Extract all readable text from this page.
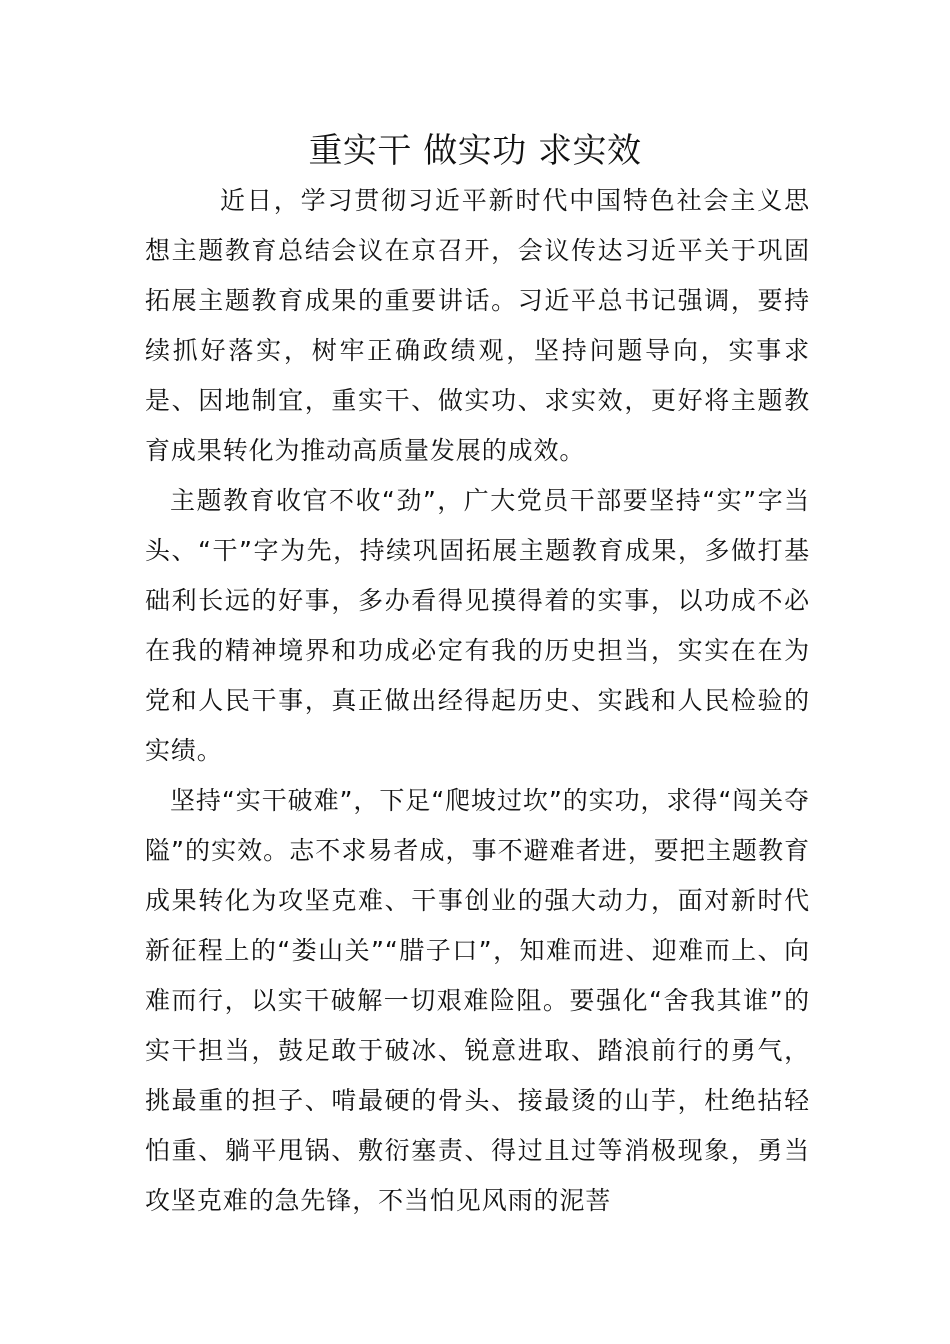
重实干 做实功 求实效

近日，学习贯彻习近平新时代中国特色社会主义思想主题教育总结会议在京召开，会议传达习近平关于巩固拓展主题教育成果的重要讲话。习近平总书记强调，要持续抓好落实，树牢正确政绩观，坚持问题导向，实事求是、因地制宜，重实干、做实功、求实效，更好将主题教育成果转化为推动高质量发展的成效。

主题教育收官不收“劲”，广大党员干部要坚持“实”字当头、“干”字为先，持续巩固拓展主题教育成果，多做打基础利长远的好事，多办看得见摸得着的实事，以功成不必在我的精神境界和功成必定有我的历史担当，实实在在为党和人民干事，真正做出经得起历史、实践和人民检验的实绩。

坚持“实干破难”，下足“爬坡过坎”的实功，求得“闯关夺隘”的实效。志不求易者成，事不避难者进，要把主题教育成果转化为攻坚克难、干事创业的强大动力，面对新时代新征程上的“娄山关”“腊子口”，知难而进、迎难而上、向难而行，以实干破解一切艰难险阻。要强化“舍我其谁”的实干担当，鼓足敢于破冰、锐意进取、踏浪前行的勇气，挑最重的担子、啃最硬的骨头、接最烫的山芋，杜绝拈轻怕重、躺平甩锅、敷衍塞责、得过且过等消极现象，勇当攻坚克难的急先锋，不当怕见风雨的泥菩
